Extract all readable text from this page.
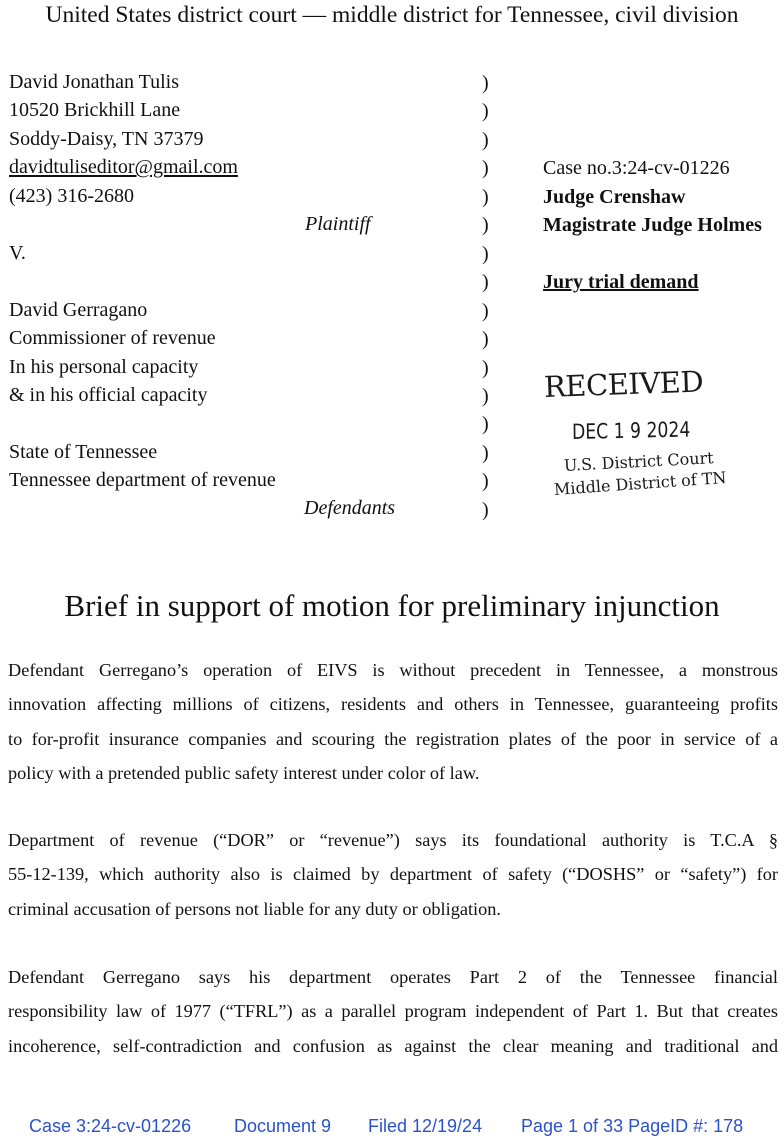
United States district court — middle district for Tennessee, civil division
David Jonathan Tulis
10520 Brickhill Lane
Soddy-Daisy, TN 37379
davidtuliseditor@gmail.com
(423) 316-2680
Plaintiff
V.
David Gerragano
Commissioner of revenue
In his personal capacity
& in his official capacity
State of Tennessee
Tennessee department of revenue
Defendants
)
)
)
)
)
)
)
)
)
)
)
)
)
)
)
)
Case no.3:24-cv-01226
Judge Crenshaw
Magistrate Judge Holmes
Jury trial demand
RECEIVED
DEC 1 9 2024
U.S. District Court
Middle District of TN
Brief in support of motion for preliminary injunction
Defendant Gerregano’s operation of EIVS is without precedent in Tennessee, a monstrous
innovation affecting millions of citizens, residents and others in Tennessee, guaranteeing profits
to for-profit insurance companies and scouring the registration plates of the poor in service of a
policy with a pretended public safety interest under color of law.
Department of revenue (“DOR” or “revenue”) says its foundational authority is T.C.A §
55-12-139, which authority also is claimed by department of safety (“DOSHS” or “safety”) for
criminal accusation of persons not liable for any duty or obligation.
Defendant Gerregano says his department operates Part 2 of the Tennessee financial
responsibility law of 1977 (“TFRL”) as a parallel program independent of Part 1. But that creates
incoherence, self-contradiction and confusion as against the clear meaning and traditional and
Case 3:24-cv-01226 Document 9 Filed 12/19/24 Page 1 of 33 PageID #: 178
